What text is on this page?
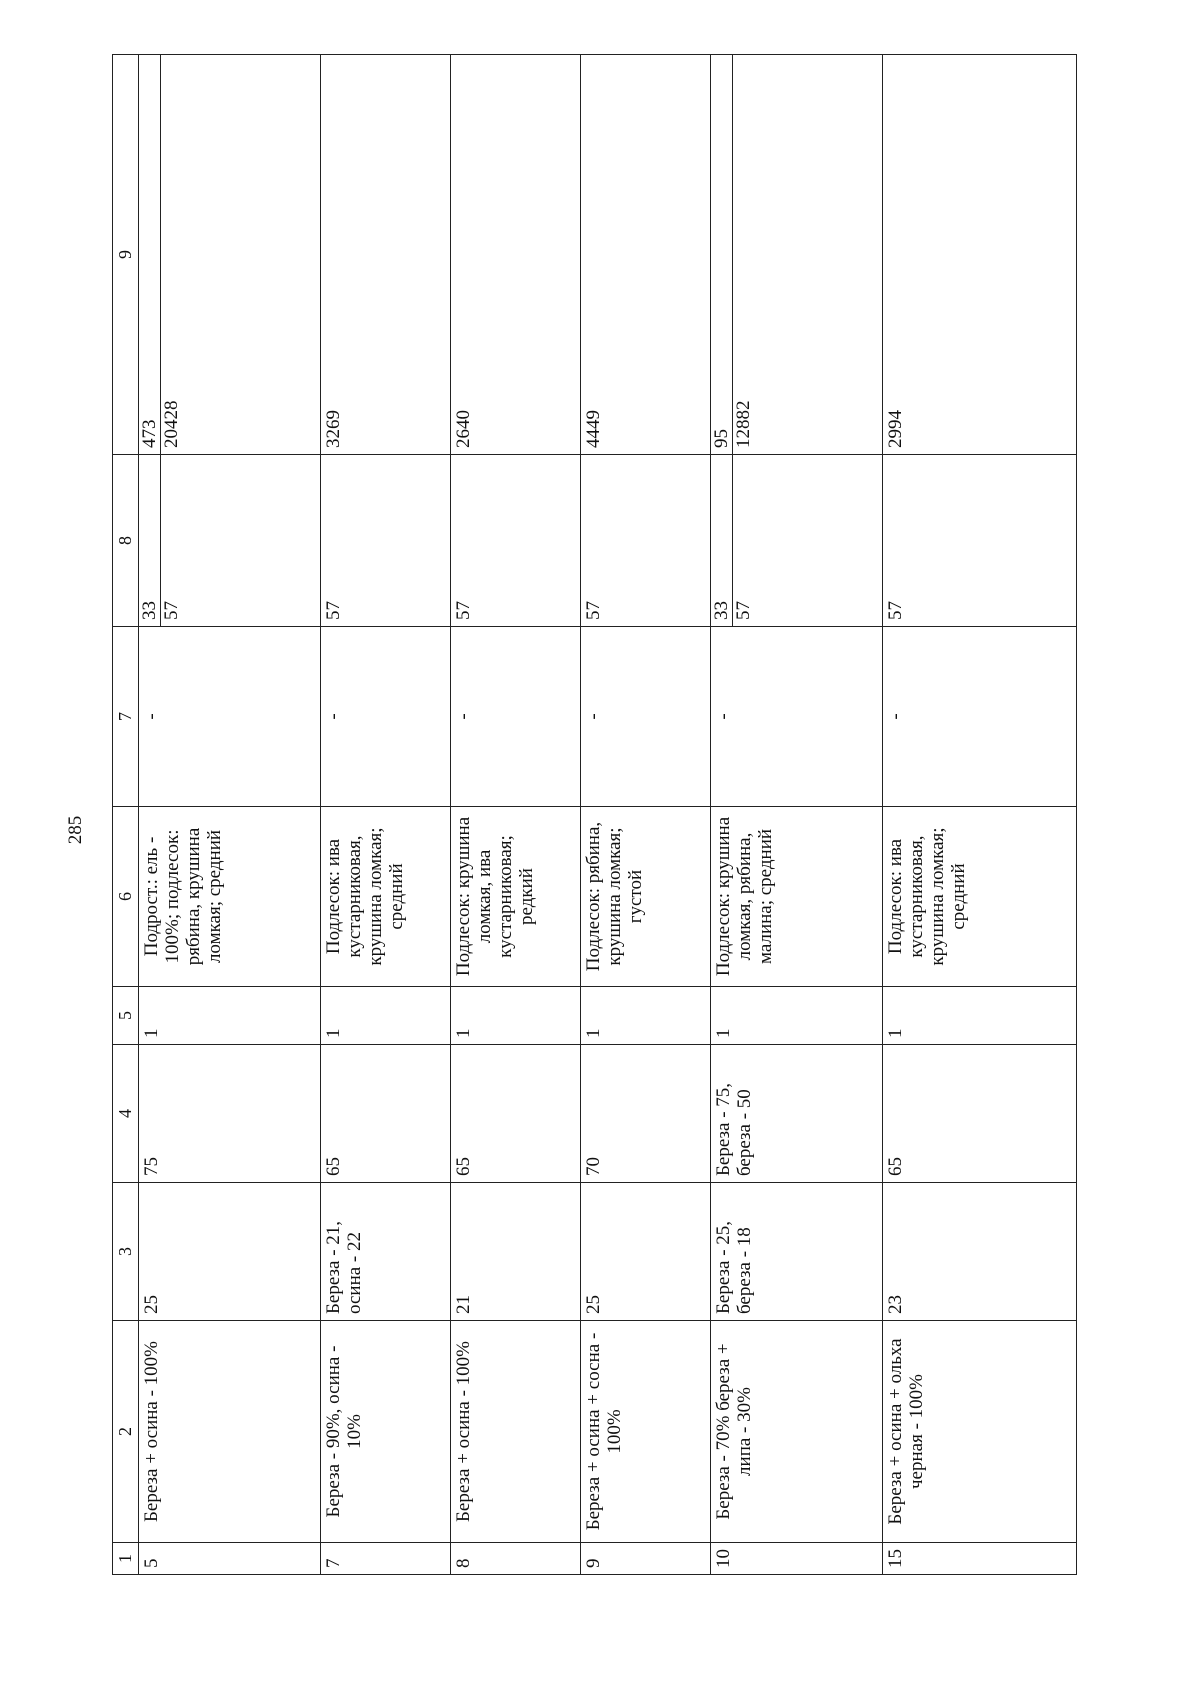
285
1	2	3	4	5	6	7	8	9
5	Береза + осина - 100%	25	75	1	Подрост.: ель - 100%; подлесок: рябина, крушина ломкая; средний	-	33 57	473 20428

7	Береза - 90%, осина - 10%	Береза - 21, осина - 22	65	1	Подлесок: ива кустарниковая, крушина ломкая; средний	-	57	3269
8	Береза + осина - 100%	21	65	1	Подлесок: крушина ломкая, ива кустарниковая; редкий	-	57	2640
9	Береза + осина + сосна - 100%	25	70	1	Подлесок: рябина, крушина ломкая; густой	-	57	4449
10	Береза - 70% береза + липа - 30%	Береза - 25, береза - 18	Береза - 75, береза - 50	1	Подлесок: крушина ломкая, рябина, малина; средний	-	33 57	95 12882

15	Береза + осина + ольха черная - 100%	23	65	1	Подлесок: ива кустарниковая, крушина ломкая; средний	-	57	2994
